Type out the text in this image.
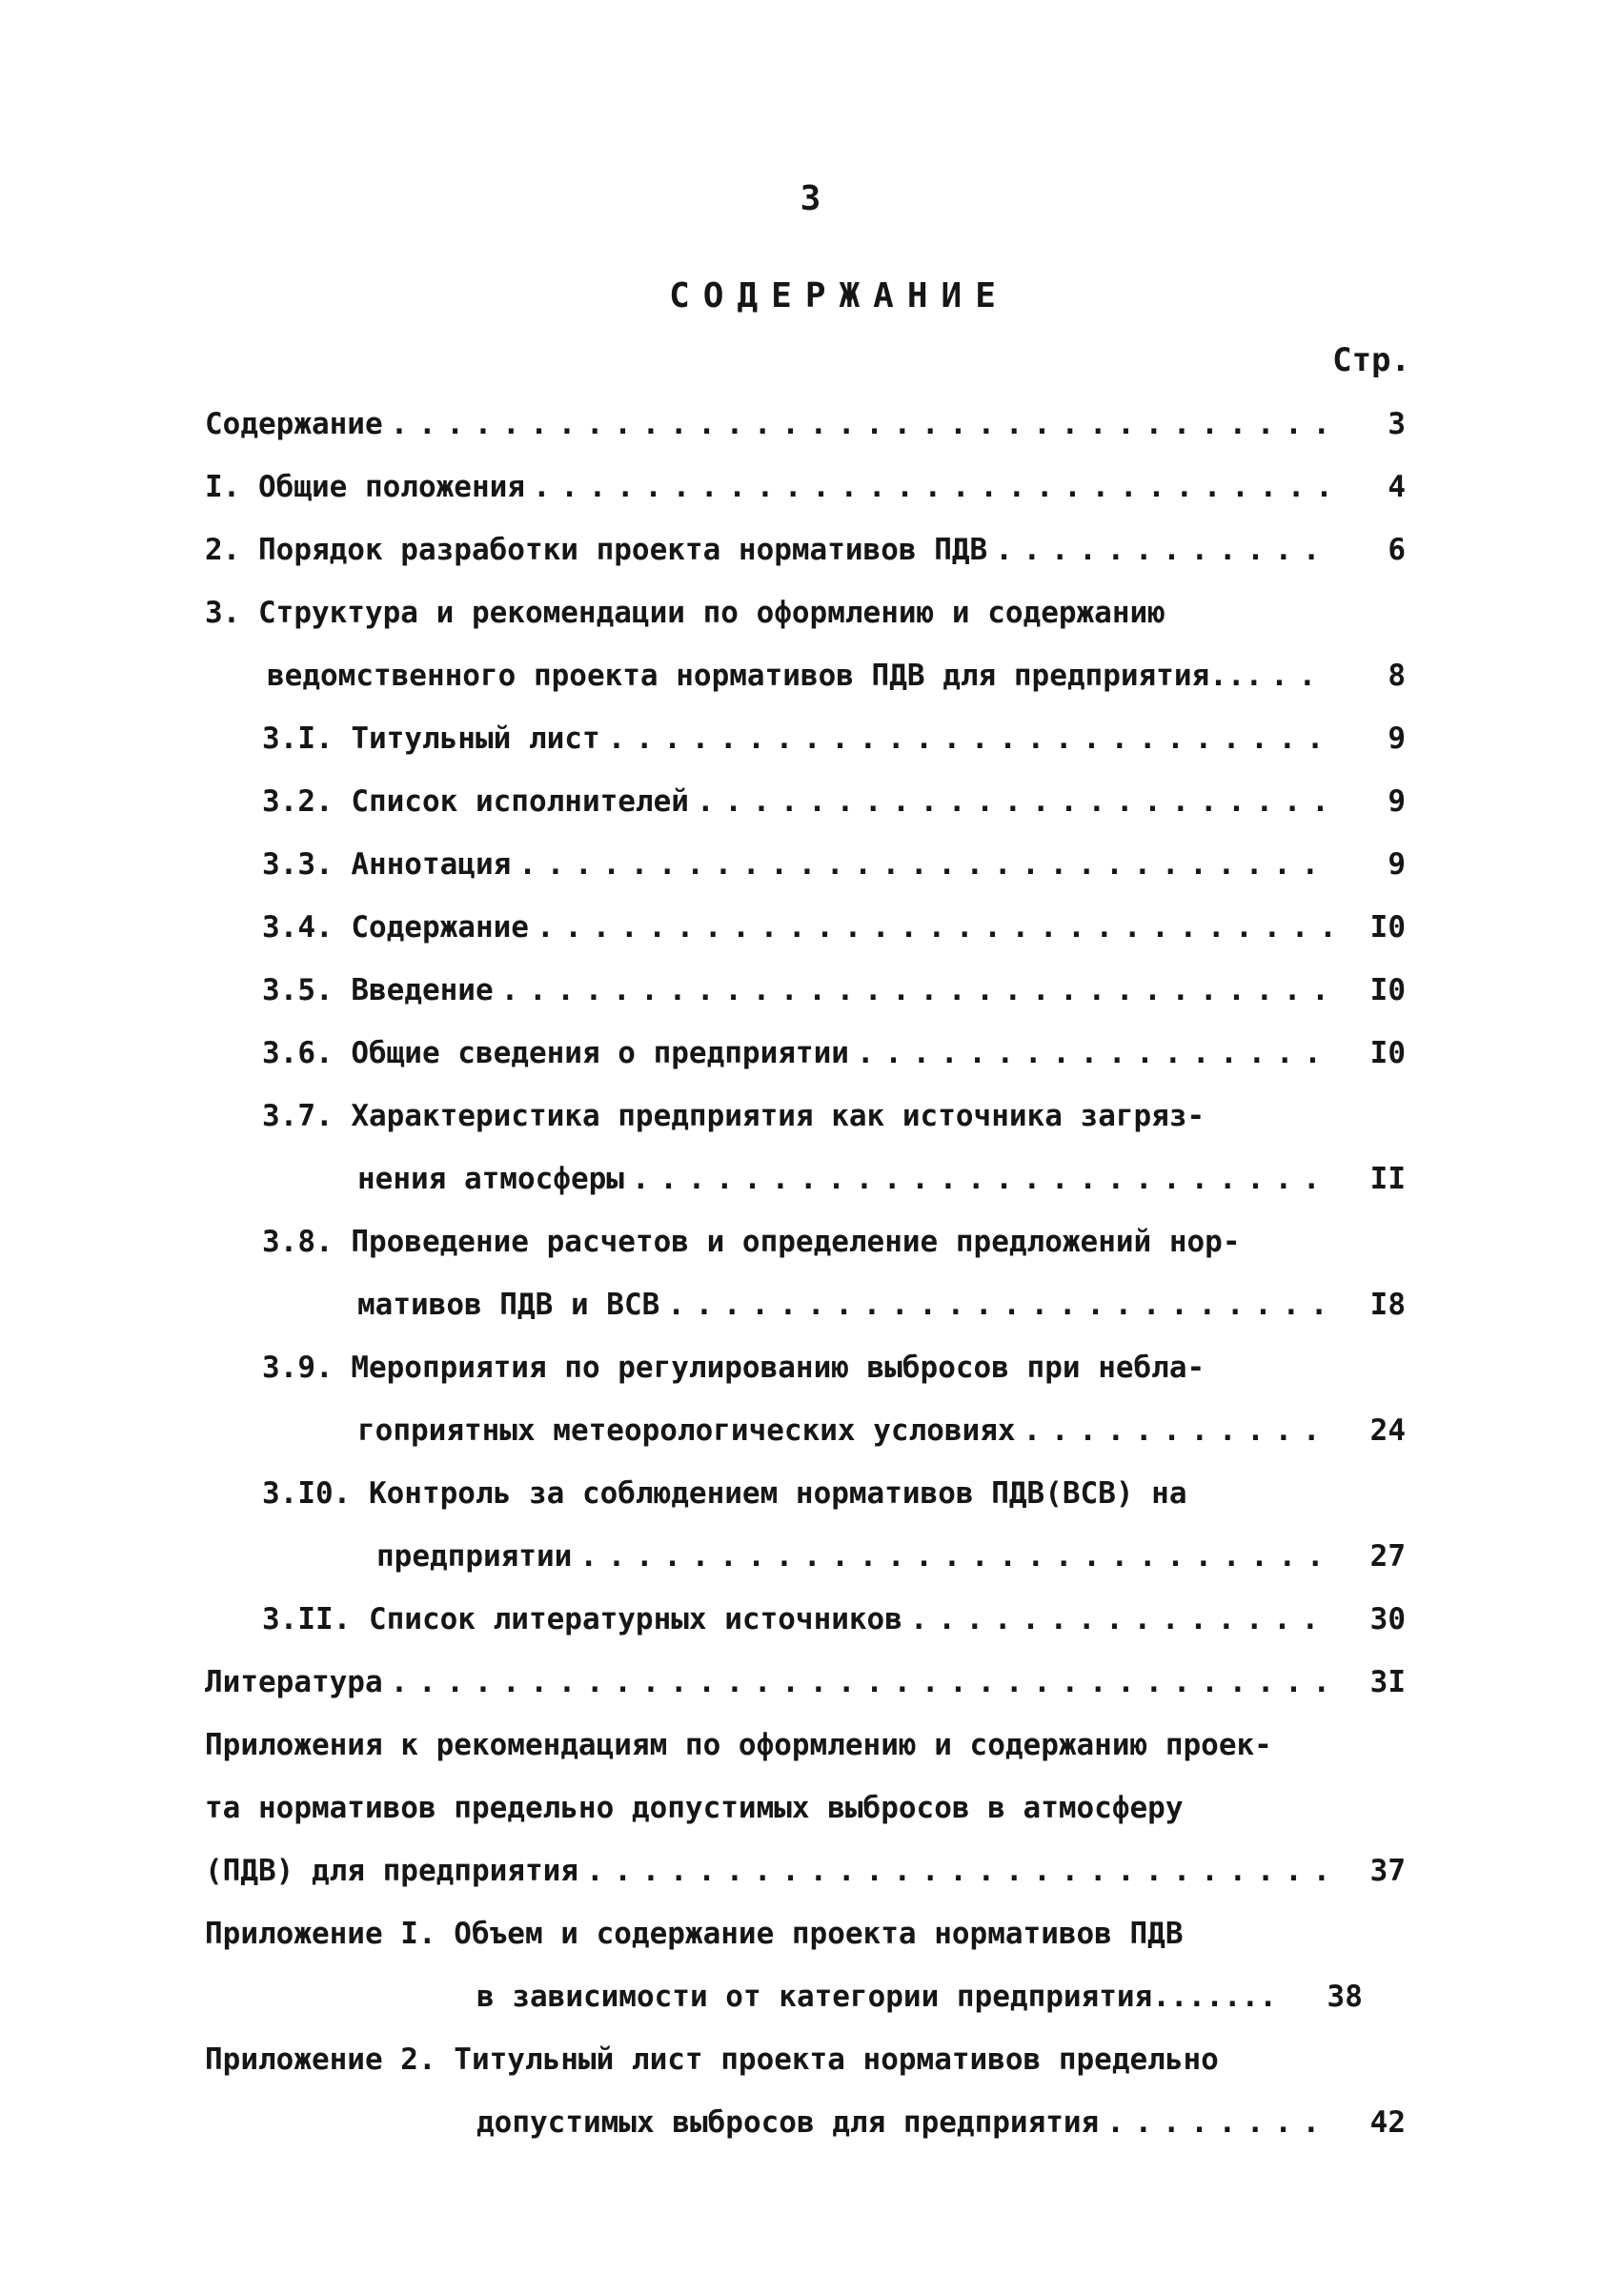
3
СОДЕРЖАНИЕ
Стр.
Содержание . . .	3
I. Общие положения . . .	4
2. Порядок разработки проекта нормативов ПДВ . . .	6
3. Структура и рекомендации по оформлению и содержанию
ведомственного проекта нормативов ПДВ для предприятия... . . .	8
3.I. Титульный лист . . .	9
3.2. Список исполнителей . . .	9
3.3. Аннотация . . .	9
3.4. Содержание . . .	I0
3.5. Введение . . .	I0
3.6. Общие сведения о предприятии . . .	I0
3.7. Характеристика предприятия как источника загряз-
нения атмосферы . . .	II
3.8. Проведение расчетов и определение предложений нор-
мативов ПДВ и ВСВ . . .	I8
3.9. Мероприятия по регулированию выбросов при небла-
гоприятных метеорологических условиях . . .	24
3.I0. Контроль за соблюдением нормативов ПДВ(ВСВ) на
предприятии . . .	27
3.II. Список литературных источников . . .	30
Литература . . .	3I
Приложения к рекомендациям по оформлению и содержанию проек-
та нормативов предельно допустимых выбросов в атмосферу
(ПДВ) для предприятия . . .	37
Приложение I. Объем и содержание проекта нормативов ПДВ
в зависимости от категории предприятия.......	38
Приложение 2. Титульный лист проекта нормативов предельно
допустимых выбросов для предприятия . . .	42
